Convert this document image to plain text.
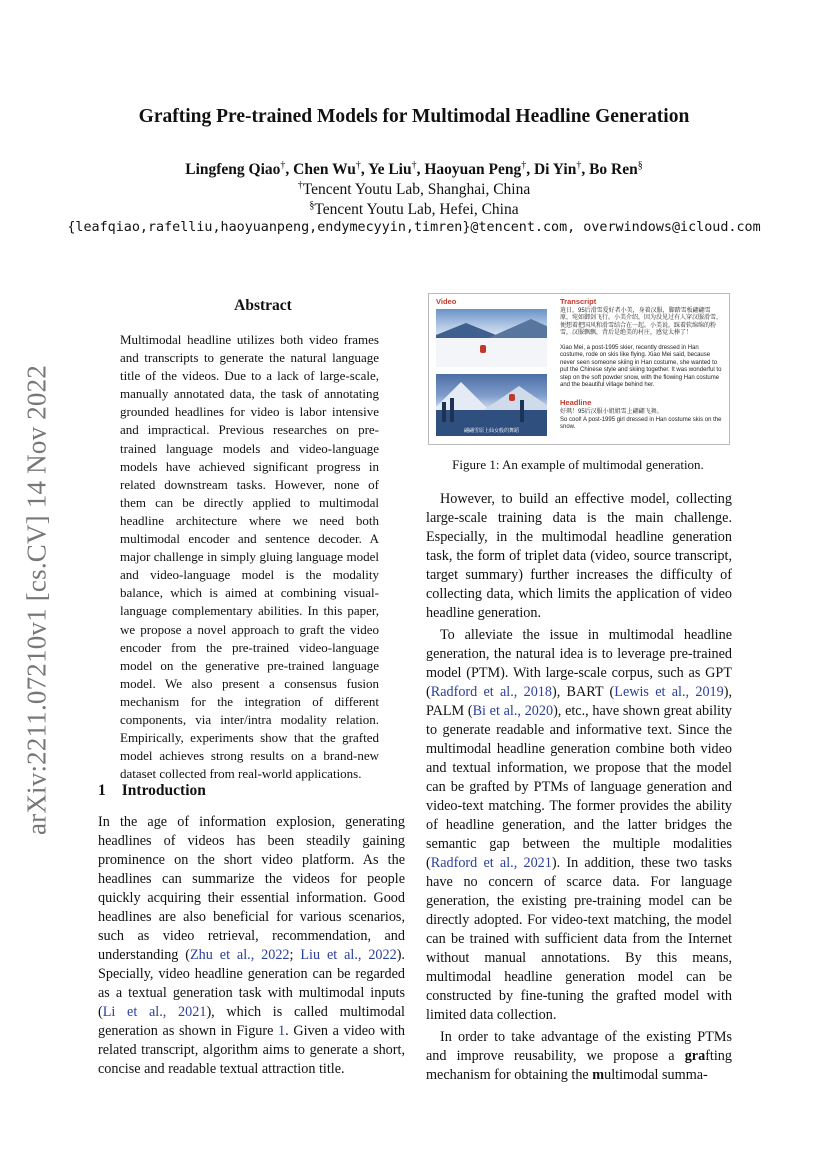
arXiv:2211.07210v1 [cs.CV] 14 Nov 2022
Grafting Pre-trained Models for Multimodal Headline Generation
Lingfeng Qiao†, Chen Wu†, Ye Liu†, Haoyuan Peng†, Di Yin†, Bo Ren§
†Tencent Youtu Lab, Shanghai, China
§Tencent Youtu Lab, Hefei, China
{leafqiao,rafelliu,haoyuanpeng,endymecyyin,timren}@tencent.com, overwindows@icloud.com
Abstract
Multimodal headline utilizes both video frames and transcripts to generate the natural language title of the videos. Due to a lack of large-scale, manually annotated data, the task of annotating grounded headlines for video is labor intensive and impractical. Previous researches on pre-trained language models and video-language models have achieved significant progress in related downstream tasks. However, none of them can be directly applied to multimodal headline architecture where we need both multimodal encoder and sentence decoder. A major challenge in simply gluing language model and video-language model is the modality balance, which is aimed at combining visual-language complementary abilities. In this paper, we propose a novel approach to graft the video encoder from the pre-trained video-language model on the generative pre-trained language model. We also present a consensus fusion mechanism for the integration of different components, via inter/intra modality relation. Empirically, experiments show that the grafted model achieves strong results on a brand-new dataset collected from real-world applications.
1 Introduction

In the age of information explosion, generating headlines of videos has been steadily gaining prominence on the short video platform. As the headlines can summarize the videos for people quickly acquiring their essential information. Good headlines are also beneficial for various scenarios, such as video retrieval, recommendation, and understanding (Zhu et al., 2022; Liu et al., 2022). Specially, video headline generation can be regarded as a textual generation task with multimodal inputs (Li et al., 2021), which is called multimodal generation as shown in Figure 1. Given a video with related transcript, algorithm aims to generate a short, concise and readable textual attraction title.

Video	Transcript
翩翩雪原上仙女般的舞蹈
逍日，95后滑雪爱好者小美，身着汉服，脚踏雪板翩翩雪原，宛如御剑飞行。小美介绍，因为没见过有人穿汉服滑雪，便想着把国风和滑雪结合在一起。小美说，踩着软绵绵的粉雪，汉服飘飘，背后是绝美的村庄，感觉太棒了！
Xiao Mei, a post-1995 skier, recently dressed in Han costume, rode on skis like flying. Xiao Mei said, because never seen someone skiing in Han costume, she wanted to put the Chinese style and skiing together. It was wonderful to step on the soft powder snow, with the flowing Han costume and the beautiful village behind her.
Headline
好飒！95后汉服小姐姐雪上翩翩飞舞。
So cool! A post-1995 girl dressed in Han costume skis on the snow.
Figure 1: An example of multimodal generation.

However, to build an effective model, collecting large-scale training data is the main challenge. Especially, in the multimodal headline generation task, the form of triplet data (video, source transcript, target summary) further increases the difficulty of collecting data, which limits the application of video headline generation.

To alleviate the issue in multimodal headline generation, the natural idea is to leverage pre-trained model (PTM). With large-scale corpus, such as GPT (Radford et al., 2018), BART (Lewis et al., 2019), PALM (Bi et al., 2020), etc., have shown great ability to generate readable and informative text. Since the multimodal headline generation combine both video and textual information, we propose that the model can be grafted by PTMs of language generation and video-text matching. The former provides the ability of headline generation, and the latter bridges the semantic gap between the multiple modalities (Radford et al., 2021). In addition, these two tasks have no concern of scarce data. For language generation, the existing pre-training model can be directly adopted. For video-text matching, the model can be trained with sufficient data from the Internet without manual annotations. By this means, multimodal headline generation model can be constructed by fine-tuning the grafted model with limited data collection.

In order to take advantage of the existing PTMs and improve reusability, we propose a grafting mechanism for obtaining the multimodal summa-
